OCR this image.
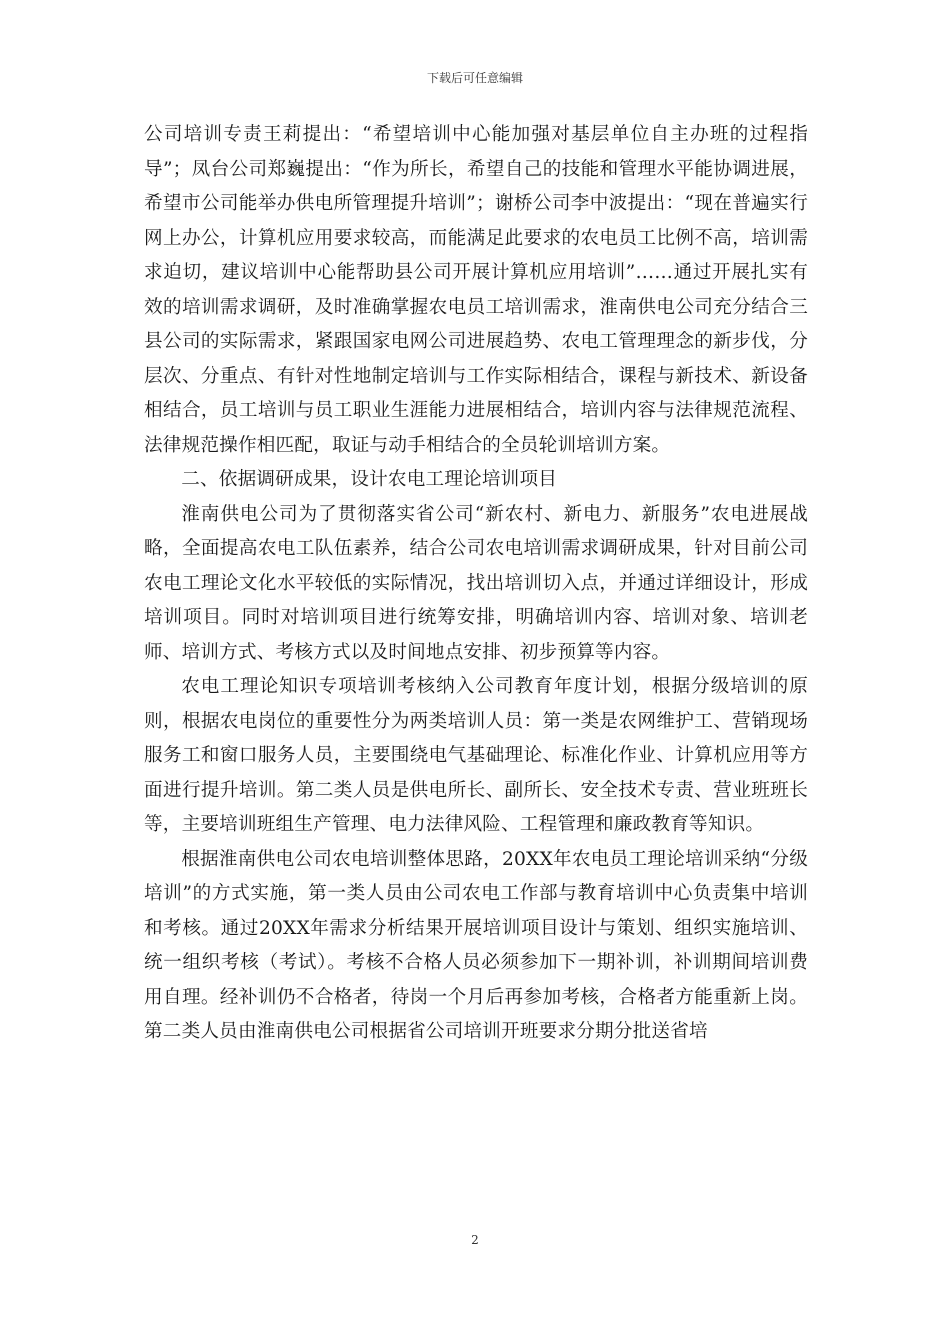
下载后可任意编辑

公司培训专责王莉提出：“希望培训中心能加强对基层单位自主办班的过程指导”；凤台公司郑巍提出：“作为所长，希望自己的技能和管理水平能协调进展，希望市公司能举办供电所管理提升培训”；谢桥公司李中波提出：“现在普遍实行网上办公，计算机应用要求较高，而能满足此要求的农电员工比例不高，培训需求迫切，建议培训中心能帮助县公司开展计算机应用培训”……通过开展扎实有效的培训需求调研，及时准确掌握农电员工培训需求，淮南供电公司充分结合三县公司的实际需求，紧跟国家电网公司进展趋势、农电工管理理念的新步伐，分层次、分重点、有针对性地制定培训与工作实际相结合，课程与新技术、新设备相结合，员工培训与员工职业生涯能力进展相结合，培训内容与法律规范流程、法律规范操作相匹配，取证与动手相结合的全员轮训培训方案。

二、依据调研成果，设计农电工理论培训项目

淮南供电公司为了贯彻落实省公司“新农村、新电力、新服务”农电进展战略，全面提高农电工队伍素养，结合公司农电培训需求调研成果，针对目前公司农电工理论文化水平较低的实际情况，找出培训切入点，并通过详细设计，形成培训项目。同时对培训项目进行统筹安排，明确培训内容、培训对象、培训老师、培训方式、考核方式以及时间地点安排、初步预算等内容。

农电工理论知识专项培训考核纳入公司教育年度计划，根据分级培训的原则，根据农电岗位的重要性分为两类培训人员：第一类是农网维护工、营销现场服务工和窗口服务人员，主要围绕电气基础理论、标准化作业、计算机应用等方面进行提升培训。第二类人员是供电所长、副所长、安全技术专责、营业班班长等，主要培训班组生产管理、电力法律风险、工程管理和廉政教育等知识。

根据淮南供电公司农电培训整体思路，20XX年农电员工理论培训采纳“分级培训”的方式实施，第一类人员由公司农电工作部与教育培训中心负责集中培训和考核。通过20XX年需求分析结果开展培训项目设计与策划、组织实施培训、统一组织考核（考试）。考核不合格人员必须参加下一期补训，补训期间培训费用自理。经补训仍不合格者，待岗一个月后再参加考核，合格者方能重新上岗。第二类人员由淮南供电公司根据省公司培训开班要求分期分批送省培

2
